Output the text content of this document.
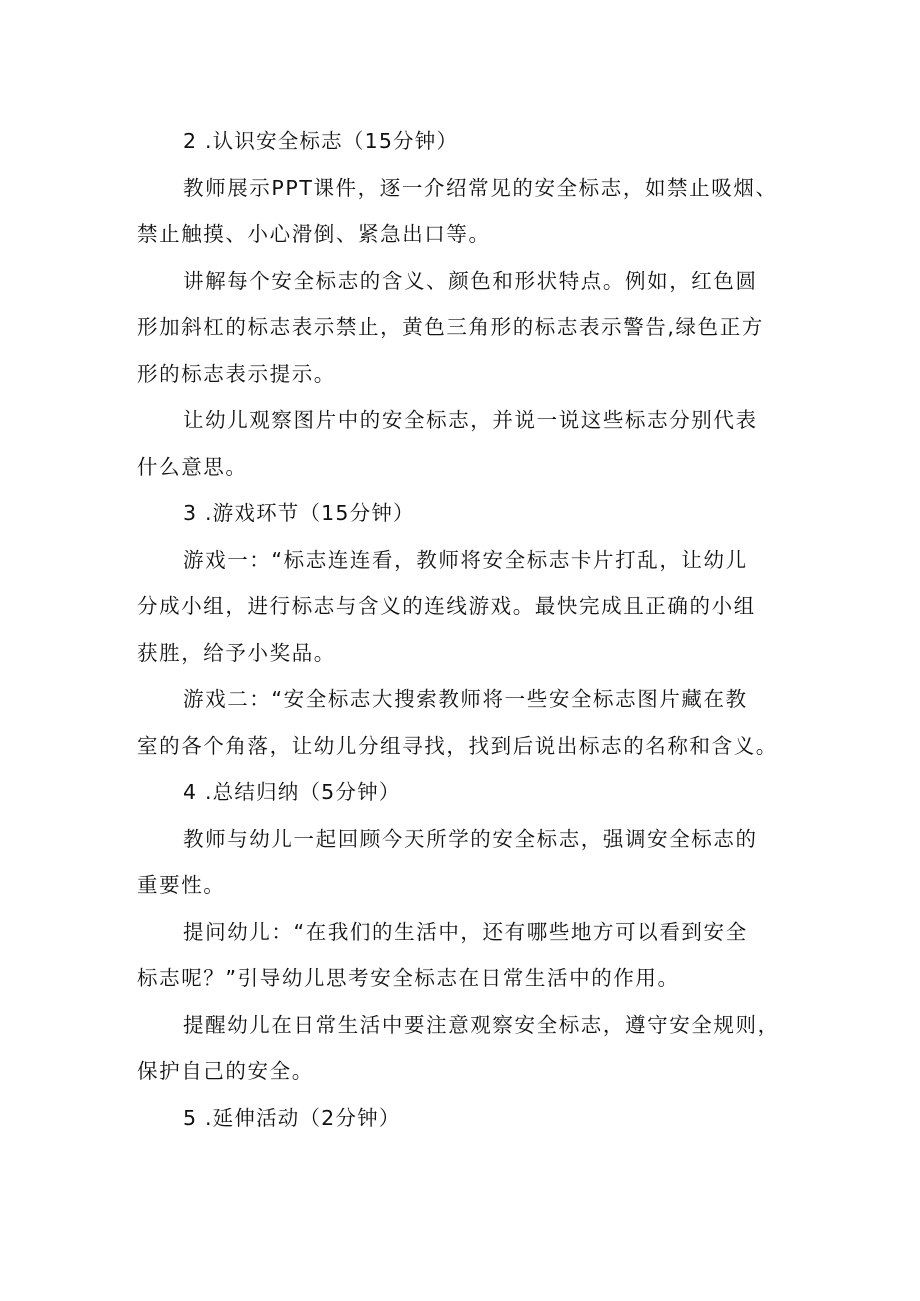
2 .认识安全标志（15分钟）
教师展示PPT课件，逐一介绍常见的安全标志，如禁止吸烟、
禁止触摸、小心滑倒、紧急出口等。
讲解每个安全标志的含义、颜色和形状特点。例如，红色圆
形加斜杠的标志表示禁止，黄色三角形的标志表示警告,绿色正方
形的标志表示提示。
让幼儿观察图片中的安全标志，并说一说这些标志分别代表
什么意思。
3 .游戏环节（15分钟）
游戏一：“标志连连看，教师将安全标志卡片打乱，让幼儿
分成小组，进行标志与含义的连线游戏。最快完成且正确的小组
获胜，给予小奖品。
游戏二：“安全标志大搜索教师将一些安全标志图片藏在教
室的各个角落，让幼儿分组寻找，找到后说出标志的名称和含义。
4 .总结归纳（5分钟）
教师与幼儿一起回顾今天所学的安全标志，强调安全标志的
重要性。
提问幼儿：“在我们的生活中，还有哪些地方可以看到安全
标志呢？”引导幼儿思考安全标志在日常生活中的作用。
提醒幼儿在日常生活中要注意观察安全标志，遵守安全规则，
保护自己的安全。
5 .延伸活动（2分钟）
